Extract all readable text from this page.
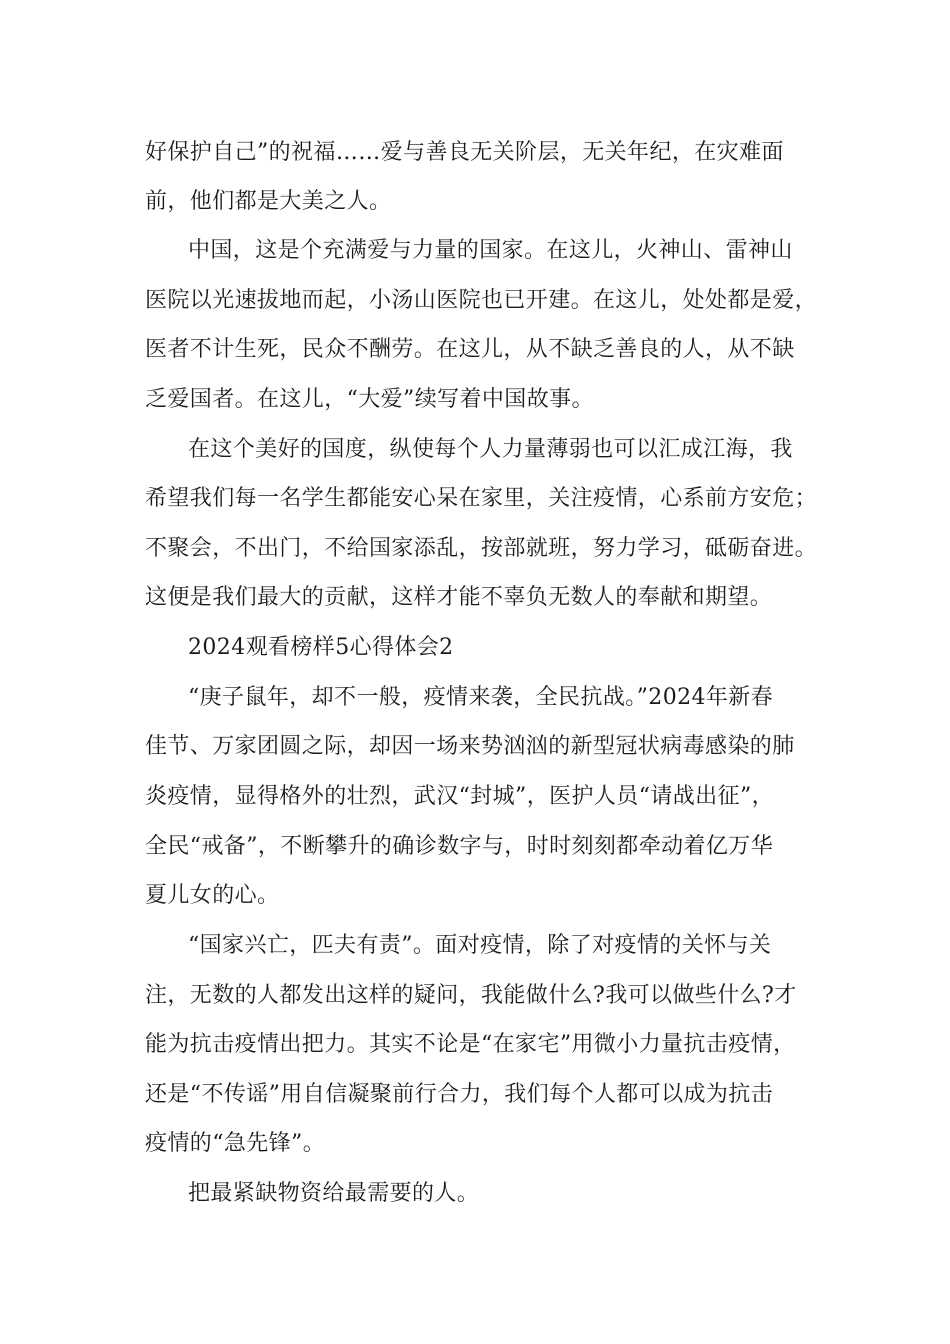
好保护自己”的祝福……爱与善良无关阶层，无关年纪，在灾难面
前，他们都是大美之人。
中国，这是个充满爱与力量的国家。在这儿，火神山、雷神山
医院以光速拔地而起，小汤山医院也已开建。在这儿，处处都是爱，
医者不计生死，民众不酬劳。在这儿，从不缺乏善良的人，从不缺
乏爱国者。在这儿，“大爱”续写着中国故事。
在这个美好的国度，纵使每个人力量薄弱也可以汇成江海，我
希望我们每一名学生都能安心呆在家里，关注疫情，心系前方安危；
不聚会，不出门，不给国家添乱，按部就班，努力学习，砥砺奋进。
这便是我们最大的贡献，这样才能不辜负无数人的奉献和期望。
2024观看榜样5心得体会2
“庚子鼠年，却不一般，疫情来袭，全民抗战。”2024年新春
佳节、万家团圆之际，却因一场来势汹汹的新型冠状病毒感染的肺
炎疫情，显得格外的壮烈，武汉“封城”，医护人员“请战出征”，
全民“戒备”，不断攀升的确诊数字与，时时刻刻都牵动着亿万华
夏儿女的心。
“国家兴亡，匹夫有责”。面对疫情，除了对疫情的关怀与关
注，无数的人都发出这样的疑问，我能做什么?我可以做些什么?才
能为抗击疫情出把力。其实不论是“在家宅”用微小力量抗击疫情，
还是“不传谣”用自信凝聚前行合力，我们每个人都可以成为抗击
疫情的“急先锋”。
把最紧缺物资给最需要的人。
